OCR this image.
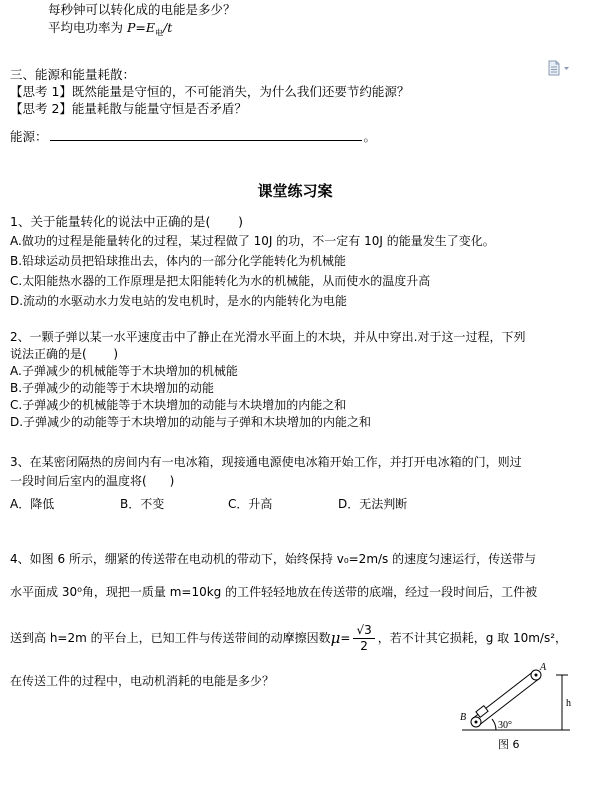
每秒钟可以转化成的电能是多少？
平均电功率为 $P=E_电/t$
三、能源和能量耗散：
【思考 1】既然能量是守恒的，不可能消失，为什么我们还要节约能源？
【思考 2】能量耗散与能量守恒是否矛盾？
能源：	。
课堂练习案
1、关于能量转化的说法中正确的是(       )
A.做功的过程是能量转化的过程，某过程做了 10J 的功，不一定有 10J 的能量发生了变化。
B.铅球运动员把铅球推出去，体内的一部分化学能转化为机械能
C.太阳能热水器的工作原理是把太阳能转化为水的机械能，从而使水的温度升高
D.流动的水驱动水力发电站的发电机时，是水的内能转化为电能
2、一颗子弹以某一水平速度击中了静止在光滑水平面上的木块，并从中穿出.对于这一过程，下列
说法正确的是(       )
A.子弹减少的机械能等于木块增加的机械能
B.子弹减少的动能等于木块增加的动能
C.子弹减少的机械能等于木块增加的动能与木块增加的内能之和
D.子弹减少的动能等于木块增加的动能与子弹和木块增加的内能之和
3、在某密闭隔热的房间内有一电冰箱，现接通电源使电冰箱开始工作，并打开电冰箱的门，则过
一段时间后室内的温度将(      )
A．降低	B．不变	C．升高	D．无法判断
4、如图 6 所示，绷紧的传送带在电动机的带动下，始终保持 v₀=2m/s 的速度匀速运行，传送带与
水平面成 30⁰角，现把一质量 m=10kg 的工件轻轻地放在传送带的底端，经过一段时间后，工件被
送到高 h=2m 的平台上，已知工件与传送带间的动摩擦因数 $\mu = \frac{√3}{2}$ ，若不计其它损耗，g 取 10m/s²，
在传送工件的过程中，电动机消耗的电能是多少？
A
B
h
30°
图 6
